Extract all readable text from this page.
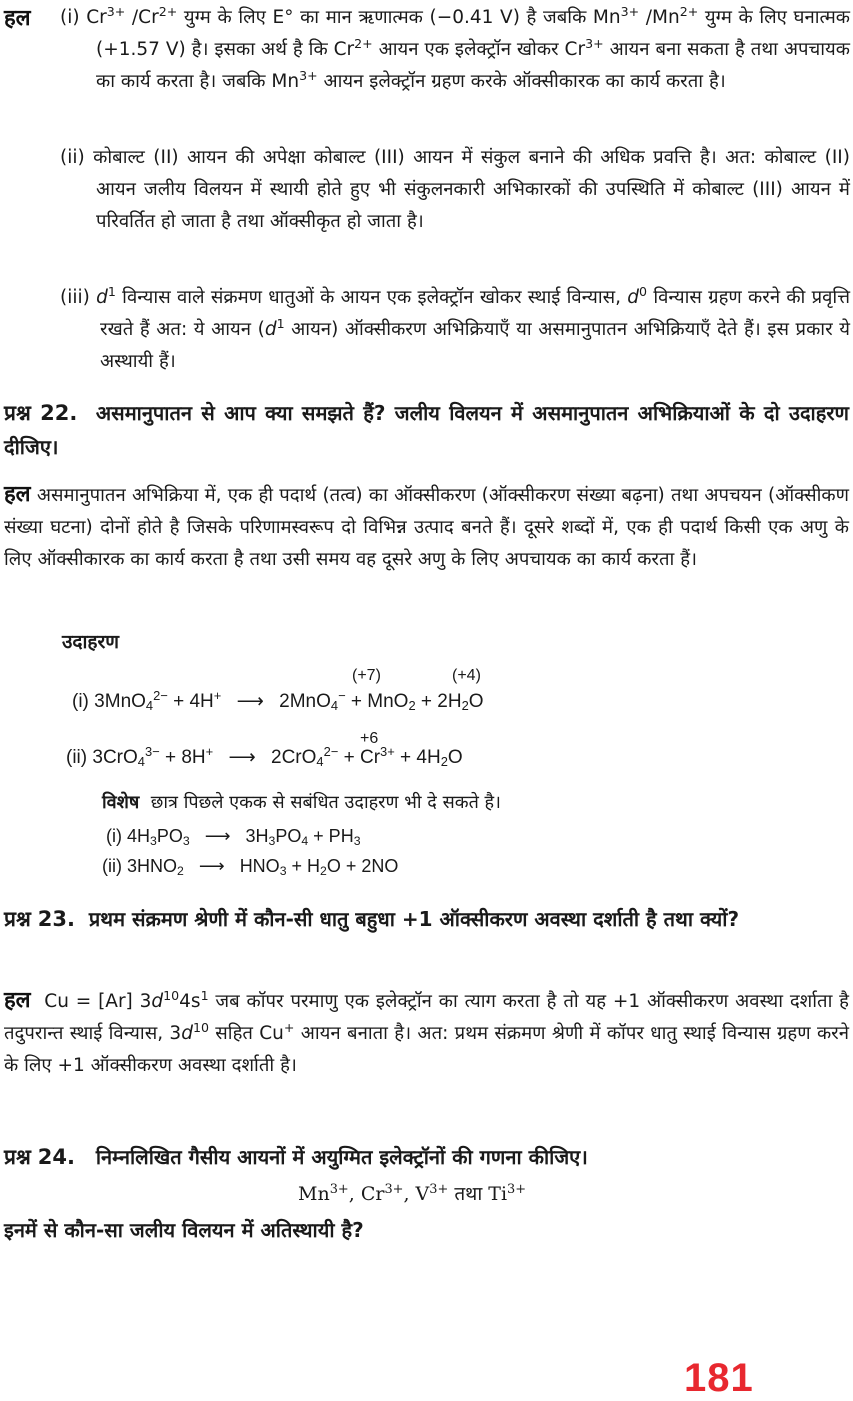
हल (i) $Cr^{3+}$ $/Cr^{2+}$ युग्म के लिए E° का मान ऋणात्मक (−0.41 V) है जबकि $Mn^{3+}$ $/Mn^{2+}$ युग्म के लिए घनात्मक (+1.57 V) है। इसका अर्थ है कि $Cr^{2+}$ आयन एक इलेक्ट्रॉन खोकर $Cr^{3+}$ आयन बना सकता है तथा अपचायक का कार्य करता है। जबकि $Mn^{3+}$ आयन इलेक्ट्रॉन ग्रहण करके ऑक्सीकारक का कार्य करता है।

(ii) कोबाल्ट (II) आयन की अपेक्षा कोबाल्ट (III) आयन में संकुल बनाने की अधिक प्रवत्ति है। अत: कोबाल्ट (II) आयन जलीय विलयन में स्थायी होते हुए भी संकुलनकारी अभिकारकों की उपस्थिति में कोबाल्ट (III) आयन में परिवर्तित हो जाता है तथा ऑक्सीकृत हो जाता है।

(iii) $d^1$ विन्यास वाले संक्रमण धातुओं के आयन एक इलेक्ट्रॉन खोकर स्थाई विन्यास, $d^0$ विन्यास ग्रहण करने की प्रवृत्ति रखते हैं अत: ये आयन ($d^1$ आयन) ऑक्सीकरण अभिक्रियाएँ या असमानुपातन अभिक्रियाएँ देते हैं। इस प्रकार ये अस्थायी हैं।

प्रश्न 22. असमानुपातन से आप क्या समझते हैं? जलीय विलयन में असमानुपातन अभिक्रियाओं के दो उदाहरण दीजिए।

हल असमानुपातन अभिक्रिया में, एक ही पदार्थ (तत्व) का ऑक्सीकरण (ऑक्सीकरण संख्या बढ़ना) तथा अपचयन (ऑक्सीकण संख्या घटना) दोनों होते है जिसके परिणामस्वरूप दो विभिन्न उत्पाद बनते हैं। दूसरे शब्दों में, एक ही पदार्थ किसी एक अणु के लिए ऑक्सीकारक का कार्य करता है तथा उसी समय वह दूसरे अणु के लिए अपचायक का कार्य करता हैं।

उदाहरण
(+7)	(+4)
(i) 3MnO$_4^{2-}$ + 4H+ ⟶ $2MnO_4^- + MnO_2 + 2H_2O$
+6
(ii) 3CrO$_4^{3-}$ + 8H+ ⟶ $2CrO_4^{2-} + Cr^{3+} + 4H_2O$
विशेष छात्र पिछले एकक से सबंधित उदाहरण भी दे सकते है।
(i) $4H_3PO_3$ ⟶ $3H_3PO_4 + PH_3$
(ii) $3HNO_2$ ⟶ $HNO_3 + H_2O + 2NO$

प्रश्न 23. प्रथम संक्रमण श्रेणी में कौन-सी धातु बहुधा +1 ऑक्सीकरण अवस्था दर्शाती है तथा क्यों?

हल Cu = [Ar] $3d^{10}4s^1$ जब कॉपर परमाणु एक इलेक्ट्रॉन का त्याग करता है तो यह +1 ऑक्सीकरण अवस्था दर्शाता है तदुपरान्त स्थाई विन्यास, $3d^{10}$ सहित Cu+ आयन बनाता है। अत: प्रथम संक्रमण श्रेणी में कॉपर धातु स्थाई विन्यास ग्रहण करने के लिए +1 ऑक्सीकरण अवस्था दर्शाती है।

प्रश्न 24. निम्नलिखित गैसीय आयनों में अयुग्मित इलेक्ट्रॉनों की गणना कीजिए।

$Mn^{3+}$, $Cr^{3+}$, $V^{3+}$ तथा $Ti^{3+}$
इनमें से कौन-सा जलीय विलयन में अतिस्थायी है?
181
